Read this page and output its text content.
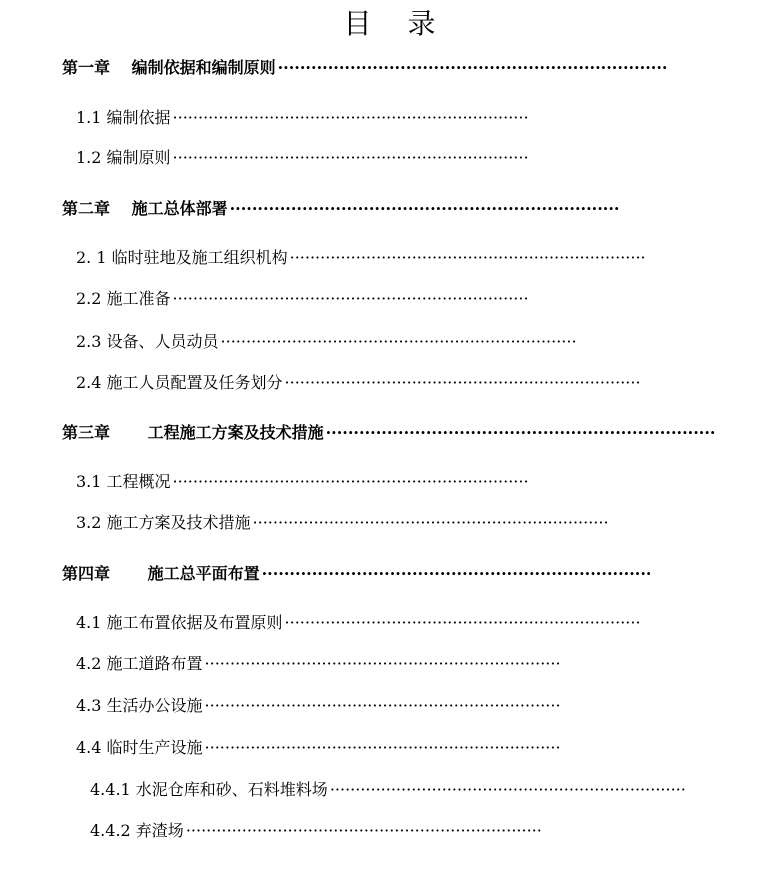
目　录
第一章　 编制依据和编制原则 ······································································
1.1 编制依据 ······································································
1.2 编制原则 ······································································
第二章　 施工总体部署 ······································································
2. 1 临时驻地及施工组织机构 ······································································
2.2 施工准备 ······································································
2.3 设备、人员动员 ······································································
2.4 施工人员配置及任务划分 ······································································
第三章　　 工程施工方案及技术措施 ······································································
3.1 工程概况 ······································································
3.2 施工方案及技术措施 ······································································
第四章　　 施工总平面布置 ······································································
4.1 施工布置依据及布置原则 ······································································
4.2 施工道路布置 ······································································
4.3 生活办公设施 ······································································
4.4 临时生产设施 ······································································
4.4.1 水泥仓库和砂、石料堆料场 ······································································
4.4.2 弃渣场 ······································································
